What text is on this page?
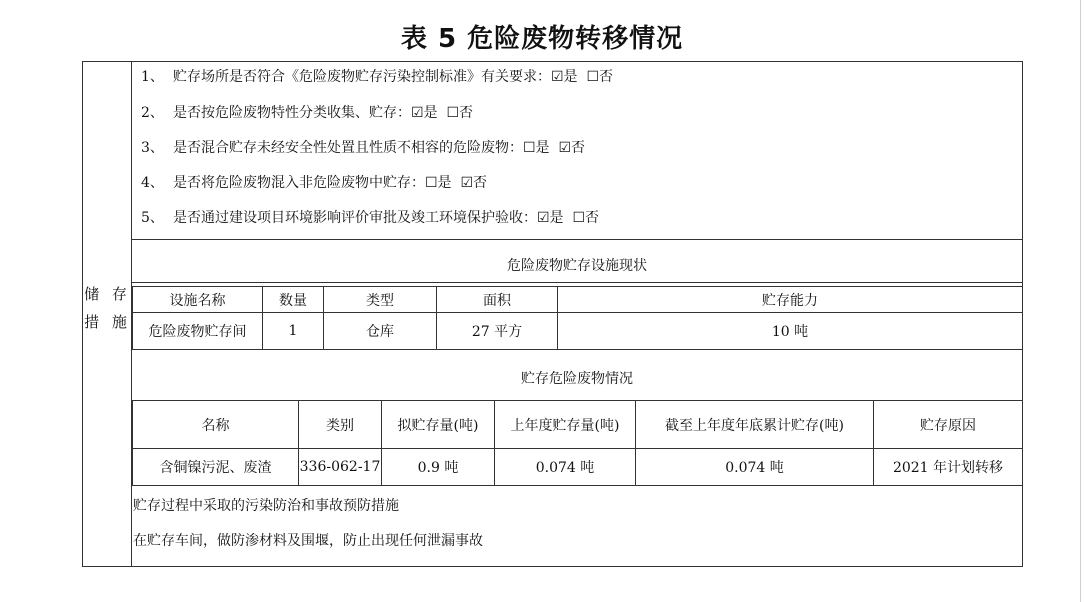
表 5 危险废物转移情况
储 存
措 施
1、 贮存场所是否符合《危险废物贮存污染控制标准》有关要求：☑是 ☐否
2、 是否按危险废物特性分类收集、贮存：☑是 ☐否
3、 是否混合贮存未经安全性处置且性质不相容的危险废物：☐是 ☑否
4、 是否将危险废物混入非危险废物中贮存：☐是 ☑否
5、 是否通过建设项目环境影响评价审批及竣工环境保护验收：☑是 ☐否
危险废物贮存设施现状
设施名称	数量	类型	面积	贮存能力
危险废物贮存间	1	仓库	27 平方	10 吨
贮存危险废物情况
名称	类别	拟贮存量(吨)	上年度贮存量(吨)	截至上年度年底累计贮存(吨)	贮存原因
含铜镍污泥、废渣	336-062-17	0.9 吨	0.074 吨	0.074 吨	2021 年计划转移
贮存过程中采取的污染防治和事故预防措施
在贮存车间，做防渗材料及围堰，防止出现任何泄漏事故
